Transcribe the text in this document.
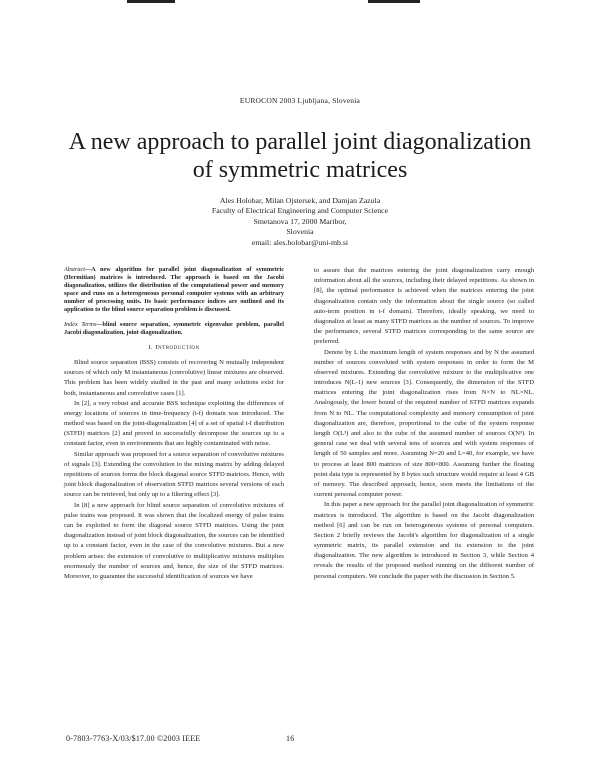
EUROCON 2003 Ljubljana, Slovenia
A new approach to parallel joint diagonalization
of symmetric matrices
Ales Holobar, Milan Ojstersek, and Damjan Zazula
Faculty of Electrical Engineering and Computer Science
Smetanova 17, 2000 Maribor,
Slovenia
email: ales.holobar@uni-mb.si

Abstract—A new algorithm for parallel joint diagonalization of symmetric (Hermitian) matrices is introduced. The approach is based on the Jacobi diagonalization, utilizes the distribution of the computational power and memory space and runs on a heterogeneous personal computer systems with an arbitrary number of processing units. Its basic performance indices are outlined and its application to the blind source separation problem is discussed.

Index Terms—blind source separation, symmetric eigenvalue problem, parallel Jacobi diagonalization, joint diagonalization.

I. Introduction

Blind source separation (BSS) consists of recovering N mutually independent sources of which only M instantaneous (convolutive) linear mixtures are observed. This problem has been widely studied in the past and many solutions exist for both, instantaneous and convolutive cases [1].

In [2], a very robust and accurate BSS technique exploiting the differences of energy locations of sources in time-frequency (t-f) domain was introduced. The method was based on the joint-diagonalization [4] of a set of spatial t-f distribution (STFD) matrices [2] and proved to successfully decompose the sources up to a constant factor, even in environments that are highly contaminated with noise.

Similar approach was proposed for a source separation of convolutive mixtures of signals [3]. Extending the convolution to the mixing matrix by adding delayed repetitions of sources forms the block diagonal source STFD matrices. Hence, with joint block diagonalization of observation STFD matrices several versions of each source can be retrieved, but only up to a filtering effect [3].

In [8] a new approach for blind source separation of convolutive mixtures of pulse trains was proposed. It was shown that the localized energy of pulse trains can be exploited to form the diagonal source STFD matrices. Using the joint diagonalization instead of joint block diagonalization, the sources can be identified up to a constant factor, even in the case of the convolutive mixtures. But a new problem arises: the extension of convolutive to multiplicative mixtures multiplies enormously the number of sources and, hence, the size of the STFD matrices. Moreover, to guarantee the successful identification of sources we have

to assure that the matrices entering the joint diagonalization carry enough information about all the sources, including their delayed repetitions. As shown in [8], the optimal performance is achieved when the matrices entering the joint diagonalization contain only the information about the single source (so called auto-term position in t-f domain). Therefore, ideally speaking, we need to diagonalize at least as many STFD matrices as the number of sources. To improve the performance, several STFD matrices corresponding to the same source are preferred.

Denote by L the maximum length of system responses and by N the assumed number of sources convoluted with system responses in order to form the M observed mixtures. Extending the convolutive mixture to the multiplicative one introduces N(L-1) new sources [3]. Consequently, the dimension of the STFD matrices entering the joint diagonalization rises from N×N to NL×NL. Analogously, the lower bound of the required number of STFD matrices expands from N to NL. The computational complexity and memory consumption of joint diagonalization are, therefore, proportional to the cube of the system response length O(L³) and also to the cube of the assumed number of sources O(N³). In general case we deal with several tens of sources and with system responses of length of 50 samples and more. Assuming N=20 and L=40, for example, we have to process at least 800 matrices of size 800×800. Assuming further the floating point data type is represented by 8 bytes such structure would require at least 4 GB of memory. The described approach, hence, soon meets the limitations of the current personal computer power.

In this paper a new approach for the parallel joint diagonalization of symmetric matrices is introduced. The algorithm is based on the Jacobi diagonalization method [6] and can be run on heterogeneous systems of personal computers. Section 2 briefly reviews the Jacobi's algorithm for diagonalization of a single symmetric matrix, its parallel extension and its extension to the joint diagonalization. The new algorithm is introduced in Section 3, while Section 4 reveals the results of the proposed method running on the different number of personal computers. We conclude the paper with the discussion in Section 5.

0-7803-7763-X/03/$17.00 ©2003 IEEE	16
